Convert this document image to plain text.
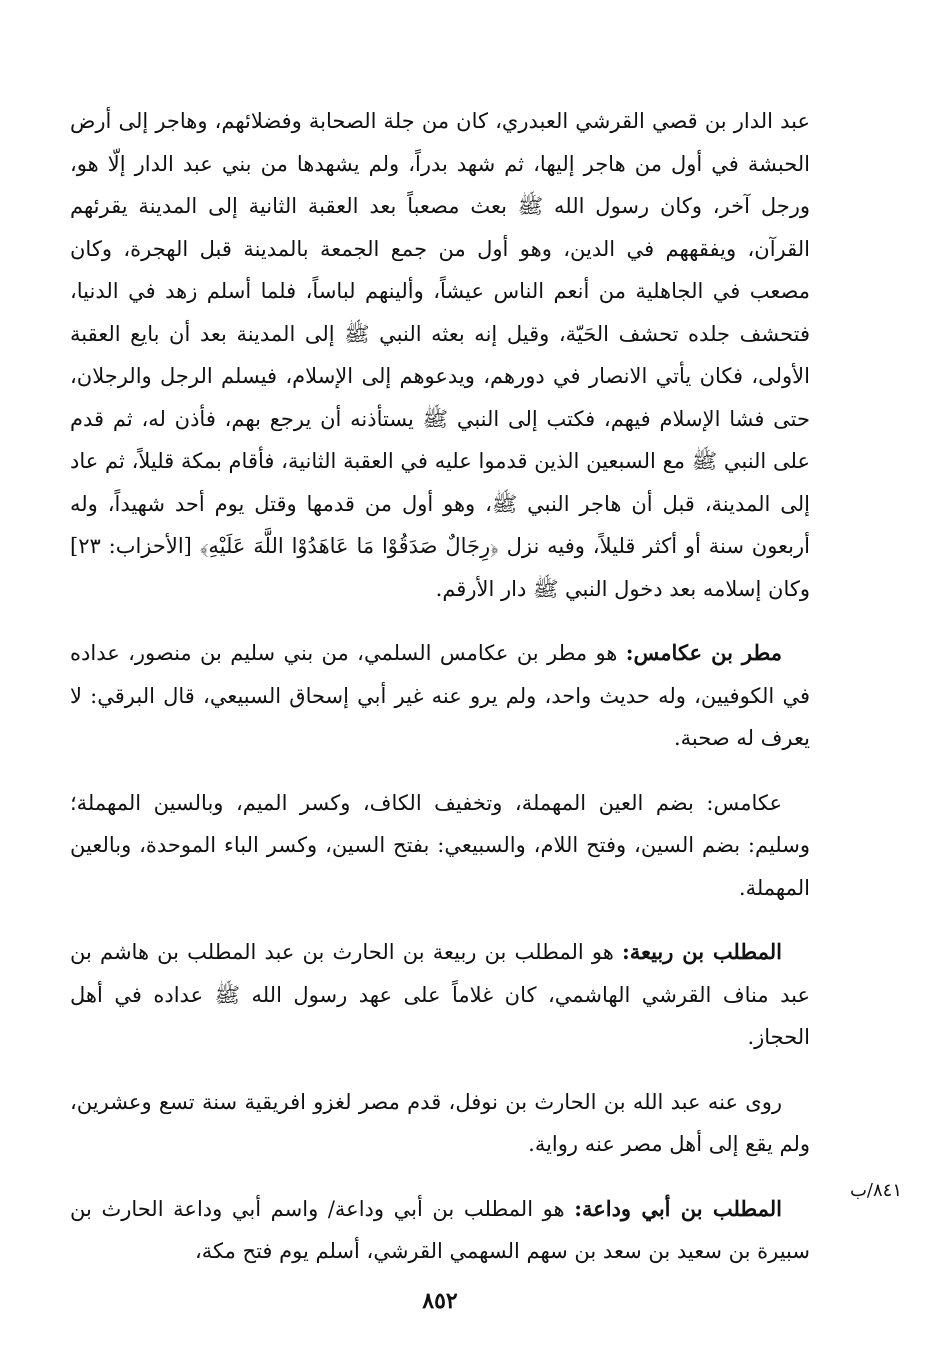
عبد الدار بن قصي القرشي العبدري، كان من جلة الصحابة وفضلائهم، وهاجر إلى أرض الحبشة في أول من هاجر إليها، ثم شهد بدراً، ولم يشهدها من بني عبد الدار إلّا هو، ورجل آخر، وكان رسول الله ﷺ بعث مصعباً بعد العقبة الثانية إلى المدينة يقرئهم القرآن، ويفقههم في الدين، وهو أول من جمع الجمعة بالمدينة قبل الهجرة، وكان مصعب في الجاهلية من أنعم الناس عيشاً، وألينهم لباساً، فلما أسلم زهد في الدنيا، فتحشف جلده تحشف الحَيّة، وقيل إنه بعثه النبي ﷺ إلى المدينة بعد أن بايع العقبة الأولى، فكان يأتي الانصار في دورهم، ويدعوهم إلى الإسلام، فيسلم الرجل والرجلان، حتى فشا الإسلام فيهم، فكتب إلى النبي ﷺ يستأذنه أن يرجع بهم، فأذن له، ثم قدم على النبي ﷺ مع السبعين الذين قدموا عليه في العقبة الثانية، فأقام بمكة قليلاً، ثم عاد إلى المدينة، قبل أن هاجر النبي ﷺ، وهو أول من قدمها وقتل يوم أحد شهيداً، وله أربعون سنة أو أكثر قليلاً، وفيه نزل ﴿رِجَالٌ صَدَقُوْا مَا عَاهَدُوْا اللَّهَ عَلَيْهِ﴾ [الأحزاب: ٢٣] وكان إسلامه بعد دخول النبي ﷺ دار الأرقم.

مطر بن عكامس: هو مطر بن عكامس السلمي، من بني سليم بن منصور، عداده في الكوفيين، وله حديث واحد، ولم يرو عنه غير أبي إسحاق السبيعي، قال البرقي: لا يعرف له صحبة.

عكامس: بضم العين المهملة، وتخفيف الكاف، وكسر الميم، وبالسين المهملة؛ وسليم: بضم السين، وفتح اللام، والسبيعي: بفتح السين، وكسر الباء الموحدة، وبالعين المهملة.

المطلب بن ربيعة: هو المطلب بن ربيعة بن الحارث بن عبد المطلب بن هاشم بن عبد مناف القرشي الهاشمي، كان غلاماً على عهد رسول الله ﷺ عداده في أهل الحجاز.

روى عنه عبد الله بن الحارث بن نوفل، قدم مصر لغزو افريقية سنة تسع وعشرين، ولم يقع إلى أهل مصر عنه رواية.

المطلب بن أبي وداعة: هو المطلب بن أبي وداعة/ واسم أبي وداعة الحارث بن سبيرة بن سعيد بن سعد بن سهم السهمي القرشي، أسلم يوم فتح مكة،

٨٤١/ب
٨٥٢
